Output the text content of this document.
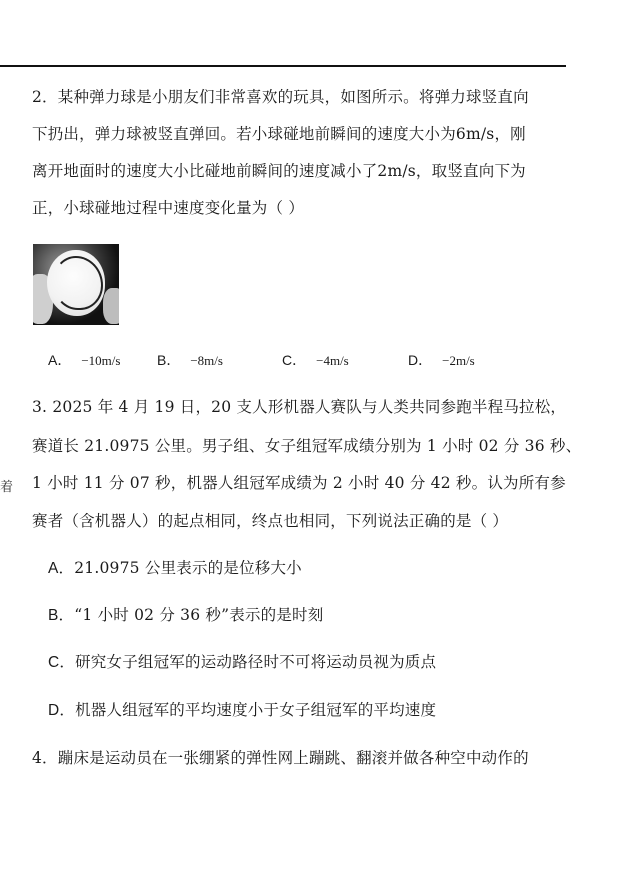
2．某种弹力球是小朋友们非常喜欢的玩具，如图所示。将弹力球竖直向
下扔出，弹力球被竖直弹回。若小球碰地前瞬间的速度大小为6m/s，刚
离开地面时的速度大小比碰地前瞬间的速度减小了2m/s，取竖直向下为
正，小球碰地过程中速度变化量为（ ）
A． −10m/s	B． −8m/s	C． −4m/s	D． −2m/s
3. 2025 年 4 月 19 日，20 支人形机器人赛队与人类共同参跑半程马拉松，
赛道长 21.0975 公里。男子组、女子组冠军成绩分别为 1 小时 02 分 36 秒、
1 小时 11 分 07 秒，机器人组冠军成绩为 2 小时 40 分 42 秒。认为所有参
赛者（含机器人）的起点相同，终点也相同，下列说法正确的是（ ）
着
A．21.0975 公里表示的是位移大小
B．“1 小时 02 分 36 秒”表示的是时刻
C．研究女子组冠军的运动路径时不可将运动员视为质点
D．机器人组冠军的平均速度小于女子组冠军的平均速度
4．蹦床是运动员在一张绷紧的弹性网上蹦跳、翻滚并做各种空中动作的
